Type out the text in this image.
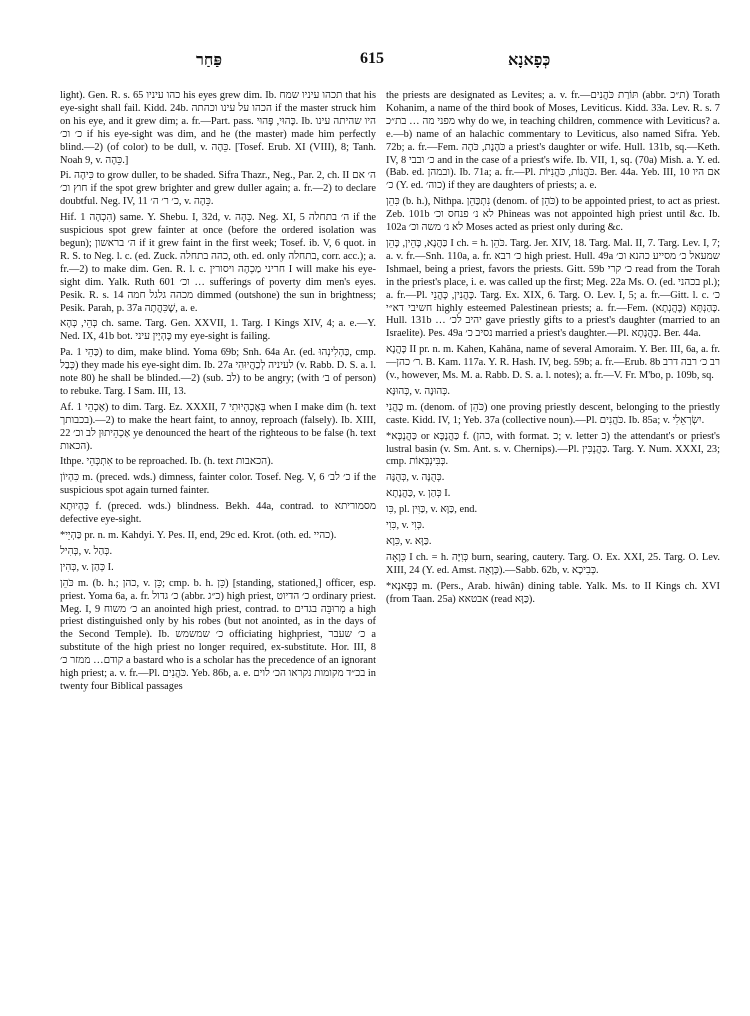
פַּחַר	615	כְּפָאנָא

light). Gen. R. s. 65 כהו עיניו his eyes grew dim. Ib. תכהו עיניו שמח that his eye-sight shall fail. Kidd. 24b. הכהו על עינו וכהתה if the master struck him on his eye, and it grew dim; a. fr.—Part. pass. כָּהוּי, פָּהוּי. Ib. היו שהיתה עינו כ׳ וכ׳ if his eye-sight was dim, and he (the master) made him perfectly blind.—2) (of color) to be dull, v. כֵּהֶה. [Tosef. Erub. XI (VIII), 8; Tanh. Noah 9, v. כֵּהָה.]

Pi. כִּיהָה to grow duller, to be shaded. Sifra Thazr., Neg., Par. 2, ch. II ה׳ אם חוץ וכ׳ if the spot grew brighter and grew duller again; a. fr.—2) to declare doubtful. Neg. IV, 11 כ׳ ר׳ ה׳, v. כֵּהָה.

Hif. הִכְהָה 1) same. Y. Shebu. I, 32d, v. כֵּהָה. Neg. XI, 5 ה׳ בתחלה if the suspicious spot grew fainter at once (before the ordered isolation was begun); ה׳ בראשון if it grew faint in the first week; Tosef. ib. V, 6 quot. in R. S. to Neg. l. c. (ed. Zuck. כהה בתחלה, oth. ed. only בתחלה, corr. acc.); a. fr.—2) to make dim. Gen. R. l. c. חריני מַכְהֶה ויסורין I will make his eye-sight dim. Yalk. Ruth 601 וכ׳ … sufferings of poverty dim men's eyes. Pesik. R. s. 14 מכהה גלגל חמה dimmed (outshone) the sun in brightness; Pesik. Parah, p. 37a שֶׁכִּהֲתָה, a. e.

כְּהֵי, כְּהָא ch. same. Targ. Gen. XXVII, 1. Targ. I Kings XIV, 4; a. e.—Y. Ned. IX, 41b bot. כָּהְיָין עיני my eye-sight is failing.

Pa. כַּהֵי 1) to dim, make blind. Yoma 69b; Snh. 64a Ar. (ed. כַּהְלִינְהוּ, cmp. כְּבַל) they made his eye-sight dim. Ib. 27a לעיניה לְכַהֲיוּהִי (v. Rabb. D. S. a. l. note 80) he shall be blinded.—2) (sub. לב) to be angry; (with ב׳ of person) to rebuke. Targ. I Sam. III, 13.

Af. אַכְהֵי 1) to dim. Targ. Ez. XXXII, 7 בְּאַכְהָיוּתִי when I make dim (h. text בכבותך).—2) to make the heart faint, to annoy, reproach (falsely). Ib. XIII, 22 אַכְהֵיתוּן לב וכ׳ ye denounced the heart of the righteous to be false (h. text הכאות).

Ithpe. אִתְכְּהֵי to be reproached. Ib. (h. text הכאבות).

כִּהְיוֹן m. (preced. wds.) dimness, fainter color. Tosef. Neg. V, 6 כ׳ לב׳ if the suspicious spot again turned fainter.

כְּהָיוּתָא f. (preced. wds.) blindness. Bekh. 44a, contrad. to מסמוריתא defective eye-sight.

*כַּהְיֵי pr. n. m. Kahdyi. Y. Pes. II, end, 29c ed. Krot. (oth. ed. כהיי).

כְּהִיל, v. כְּהַל.

כְּהִין, v. כְּהַן I.

כֹּהֵן m. (b. h.; כהן, v. כֵּן; cmp. b. h. כֵּן) [standing, stationed,] officer, esp. priest. Yoma 6a, a. fr. כ׳ גדול (abbr. כ״ג) high priest, כ׳ הדיוט ordinary priest. Meg. I, 9 כ׳ משוח an anointed high priest, contrad. to מְרוּבֵּה בגדים a high priest distinguished only by his robes (but not anointed, as in the days of the Second Temple). Ib. כ׳ שמשמש officiating highpriest, כ׳ שעבר a substitute of the high priest no longer required, ex-substitute. Hor. III, 8 קודם… ממזר כ׳ a bastard who is a scholar has the precedence of an ignorant high priest; a. v. fr.—Pl. כֹּהֲנִים. Yeb. 86b, a. e. בכ״ד מקומות נקראו הכ׳ לוים in twenty four Biblical passages

the priests are designated as Levites; a. v. fr.—תּוֹרַת כֹּהֲנִים (abbr. ת״כ) Torath Kohanim, a name of the third book of Moses, Leviticus. Kidd. 33a. Lev. R. s. 7 מפני מה … בת״כ why do we, in teaching children, commence with Leviticus? a. e.—b) name of an halachic commentary to Leviticus, also named Sifra. Yeb. 72b; a. fr.—Fem. כֹּהֶנֶת, כֹּהָה a priest's daughter or wife. Hull. 131b, sq.—Keth. IV, 8 כ׳ ובבי and in the case of a priest's wife. Ib. VII, 1, sq. (70a) Mish. a. Y. ed. (Bab. ed. ובמהן). Ib. 71a; a. fr.—Pl. כֹּהֲנוֹת, כֹּהֲנִיּוֹת. Ber. 44a. Yeb. III, 10 אם היו כ׳ (Y. ed. כוה׳) if they are daughters of priests; a. e.

כִּהֵן (b. h.), Nithpa. נִתְכַּהֵן (denom. of כֹּהֵן) to be appointed priest, to act as priest. Zeb. 101b לא נ׳ פנחס וכ׳ Phineas was not appointed high priest until &c. Ib. 102a לא נ׳ משה וכ׳ Moses acted as priest only during &c.

כַּהֲנָא, כָּהֵין, כָּהֵן I ch. = h. כֹּהֵן. Targ. Jer. XIV, 18. Targ. Mal. II, 7. Targ. Lev. I, 7; a. v. fr.—Snh. 110a, a. fr. כ׳ רבא high priest. Hull. 49a שמעאל כ׳ מסייע כהנא וכ׳ Ishmael, being a priest, favors the priests. Gitt. 59b כ׳ קרי read from the Torah in the priest's place, i. e. was called up the first; Meg. 22a Ms. O. (ed. בכהני pl.); a. fr.—Pl. כָּהֲנִין, כָּהֲנֵי. Targ. Ex. XIX, 6. Targ. O. Lev. I, 5; a. fr.—Gitt. l. c. כ׳ חשיבי דא״י highly esteemed Palestinean priests; a. fr.—Fem. כָּהַנְתָּא (כָּהֲנְתָא). Hull. 131b … יהיב לכ׳ gave priestly gifts to a priest's daughter (married to an Israelite). Pes. 49a נסיב כ׳ married a priest's daughter.—Pl. כָּהֲנָתָא. Ber. 44a.

כָּהֲנָא II pr. n. m. Kahen, Kahăna, name of several Amoraim. Y. Ber. III, 6a, a. fr.—ר׳ כהן. B. Kam. 117a. Y. R. Hash. IV, beg. 59b; a. fr.—Erub. 8b רב כ׳ רבה דרב (v., however, Ms. M. a. Rabb. D. S. a. l. notes); a. fr.—V. Fr. M'bo, p. 109b, sq.

כְּהוּנָּא, v. כְּהוּנָה.

כָּהֲנִי m. (denom. of כֹּהֵן) one proving priestly descent, belonging to the priestly caste. Kidd. IV, 1; Yeb. 37a (collective noun).—Pl. כֹּהֲנִים. Ib. 85a; v. יִשְׂרְאֵלִי.

*כַּהֲנְכָּא or כַּהֲנָכָּא f. (כהן, with format. כ; v. letter כ) the attendant's or priest's lustral basin (v. Sm. Ant. s. v. Chernips).—Pl. כַּהֲנְכִּין. Targ. Y. Num. XXXI, 23; cmp. כְּבִּינְבְּאוֹת.

כְּהֻנָּה, v. כְּהֻנָּה.

כַּהֲנָתָא, v. כְּהַן I.

כִּו, pl. כַּוִּין, v. כַּוָּא, end.

כִּוִי, v. כְּוִי.

כִּוָא, v. כַּוָּא.

כְּוָאָה I ch. = h. כְּוִיָּה burn, searing, cautery. Targ. O. Ex. XXI, 25. Targ. O. Lev. XIII, 24 (Y. ed. Amst. כְּוָאָה).—Sabb. 62b, v. כְּבִיכָא.

*כְּפָאנָא m. (Pers., Arab. hiwân) dining table. Yalk. Ms. to II Kings ch. XVI (from Taan. 25a) אבטאא (read כַּוָּא).
